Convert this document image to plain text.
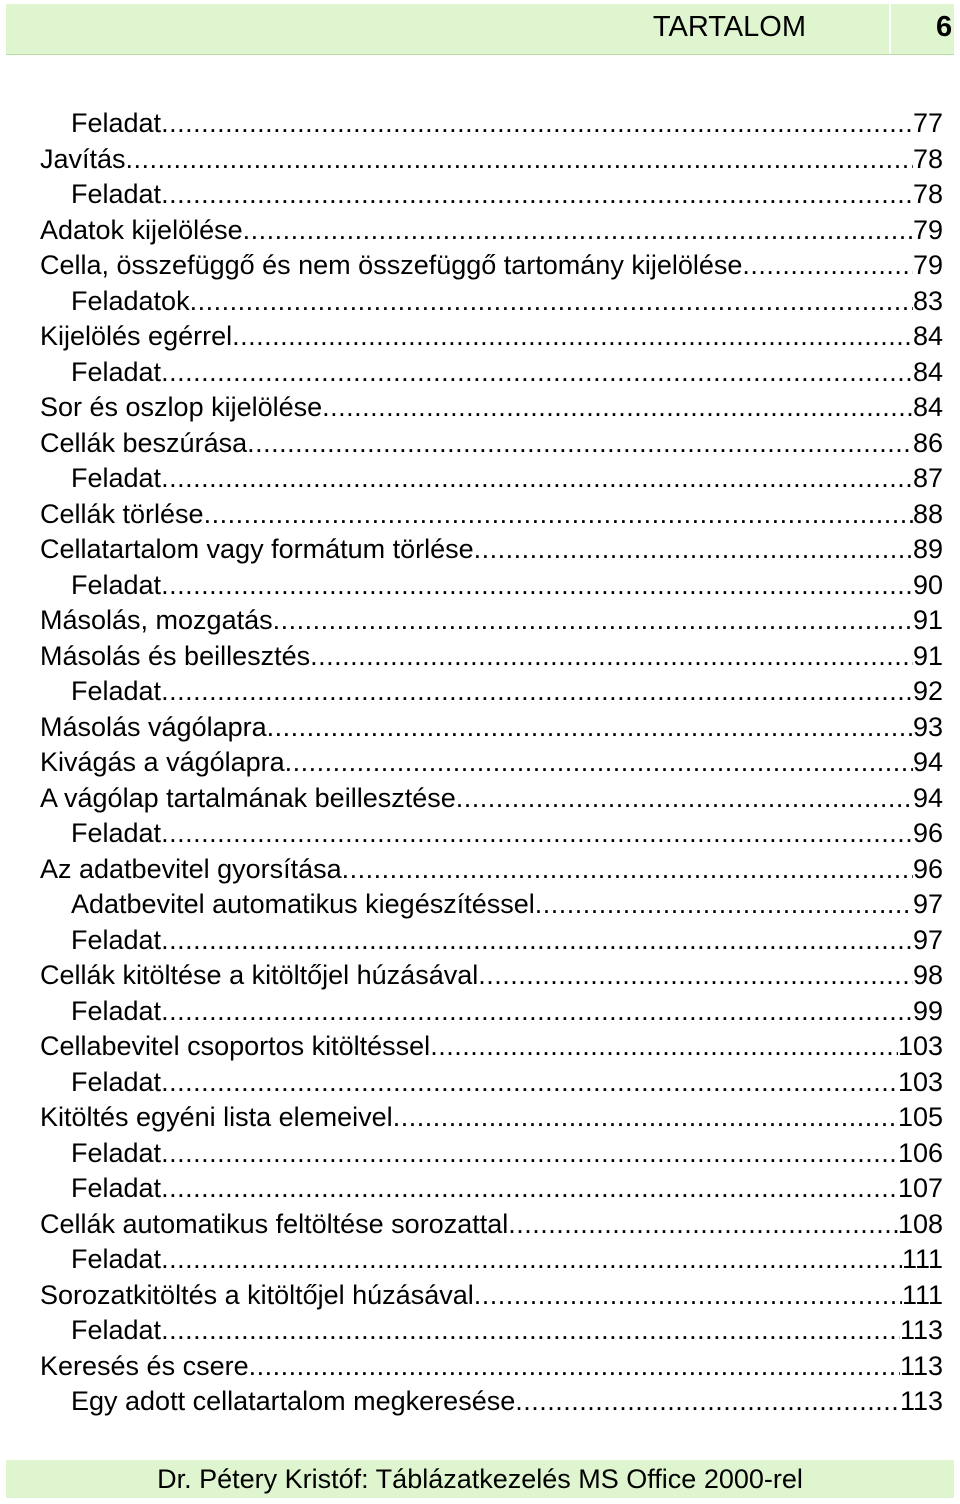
TARTALOM	6
Feladat .....	77
Javítás .....	78
Feladat .....	78
Adatok kijelölése .....	79
Cella, összefüggő és nem összefüggő tartomány kijelölése .....	79
Feladatok .....	83
Kijelölés egérrel .....	84
Feladat .....	84
Sor és oszlop kijelölése .....	84
Cellák beszúrása .....	86
Feladat .....	87
Cellák törlése .....	88
Cellatartalom vagy formátum törlése .....	89
Feladat .....	90
Másolás, mozgatás .....	91
Másolás és beillesztés .....	91
Feladat .....	92
Másolás vágólapra .....	93
Kivágás a vágólapra .....	94
A vágólap tartalmának beillesztése .....	94
Feladat .....	96
Az adatbevitel gyorsítása .....	96
Adatbevitel automatikus kiegészítéssel .....	97
Feladat .....	97
Cellák kitöltése a kitöltőjel húzásával .....	98
Feladat .....	99
Cellabevitel csoportos kitöltéssel .....	103
Feladat .....	103
Kitöltés egyéni lista elemeivel .....	105
Feladat .....	106
Feladat .....	107
Cellák automatikus feltöltése sorozattal .....	108
Feladat .....	111
Sorozatkitöltés a kitöltőjel húzásával .....	111
Feladat .....	113
Keresés és csere .....	113
Egy adott cellatartalom megkeresése .....	113
Dr. Pétery Kristóf: Táblázatkezelés MS Office 2000-rel
